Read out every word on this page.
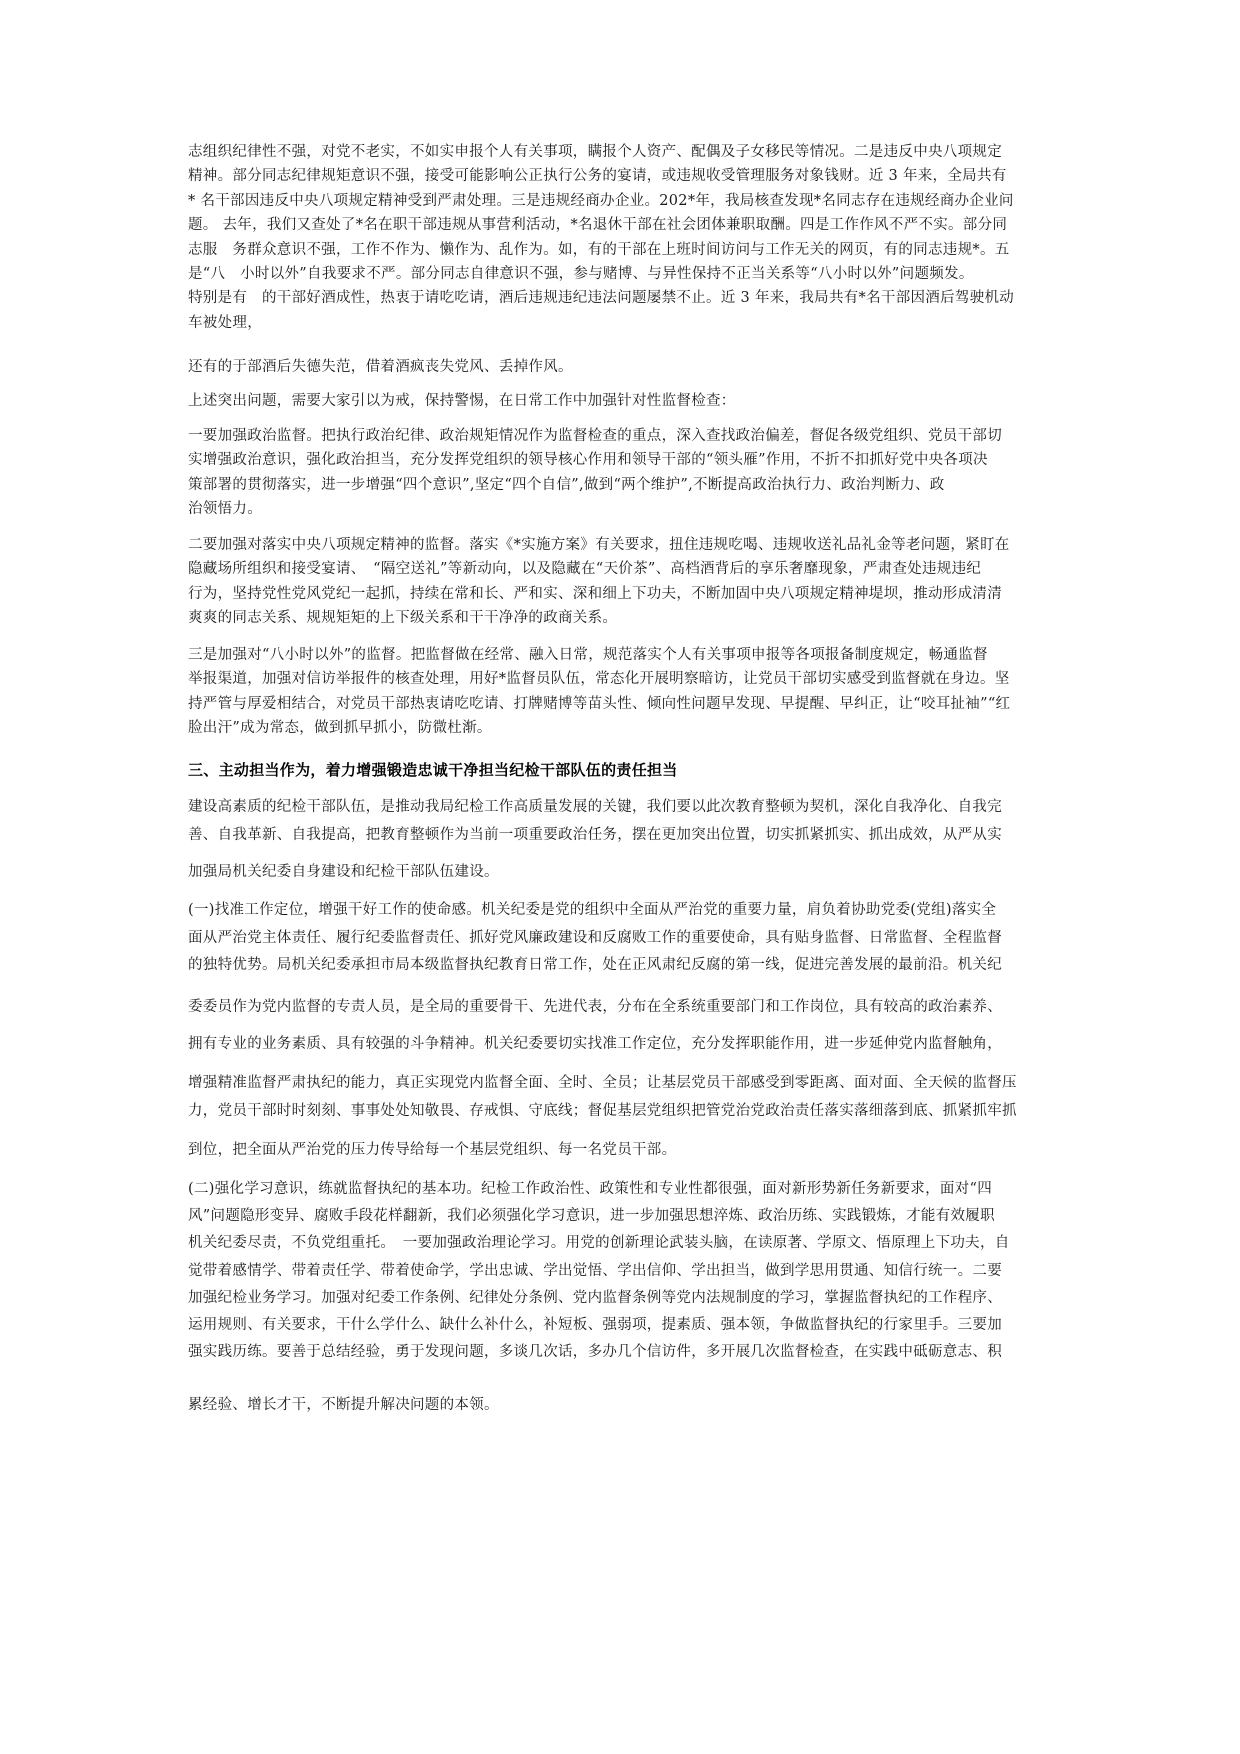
志组织纪律性不强，对党不老实，不如实申报个人有关事项，瞒报个人资产、配偶及子女移民等情况。二是违反中央八项规定

精神。部分同志纪律规矩意识不强，接受可能影响公正执行公务的宴请，或违规收受管理服务对象钱财。近 3 年来，全局共有

* 名干部因违反中央八项规定精神受到严肃处理。三是违规经商办企业。202*年，我局核查发现*名同志存在违规经商办企业问

题。 去年，我们又查处了*名在职干部违规从事营利活动，*名退休干部在社会团体兼职取酬。四是工作作风不严不实。部分同

志服　务群众意识不强，工作不作为、懒作为、乱作为。如，有的干部在上班时间访问与工作无关的网页，有的同志违规*。五

是“八　小时以外”自我要求不严。部分同志自律意识不强，参与赌博、与异性保持不正当关系等“八小时以外”问题频发。

特别是有　的干部好酒成性，热衷于请吃吃请，酒后违规违纪违法问题屡禁不止。近 3 年来，我局共有*名干部因酒后驾驶机动

车被处理，

还有的于部酒后失德失范，借着酒疯丧失党风、丢掉作风。

上述突出问题，需要大家引以为戒，保持警惕，在日常工作中加强针对性监督检查：

一要加强政治监督。把执行政治纪律、政治规矩情况作为监督检查的重点，深入查找政治偏差，督促各级党组织、党员干部切

实增强政治意识，强化政治担当，充分发挥党组织的领导核心作用和领导干部的“领头雁”作用，不折不扣抓好党中央各项决

策部署的贯彻落实，进一步增强“四个意识”,坚定“四个自信”,做到“两个维护”,不断提高政治执行力、政治判断力、政

治领悟力。

二要加强对落实中央八项规定精神的监督。落实《*实施方案》有关要求，扭住违规吃喝、违规收送礼品礼金等老问题，紧盯在

隐藏场所组织和接受宴请、　“隔空送礼”等新动向，以及隐藏在“天价茶”、高档酒背后的享乐奢靡现象，严肃查处违规违纪

行为，坚持党性党风党纪一起抓，持续在常和长、严和实、深和细上下功夫，不断加固中央八项规定精神堤坝，推动形成清清

爽爽的同志关系、规规矩矩的上下级关系和干干净净的政商关系。

三是加强对“八小时以外”的监督。把监督做在经常、融入日常，规范落实个人有关事项申报等各项报备制度规定，畅通监督

举报渠道，加强对信访举报件的核查处理，用好*监督员队伍，常态化开展明察暗访，让党员干部切实感受到监督就在身边。坚

持严管与厚爱相结合，对党员干部热衷请吃吃请、打牌赌博等苗头性、倾向性问题早发现、早提醒、早纠正，让“咬耳扯袖”“红

脸出汗”成为常态，做到抓早抓小，防微杜渐。

三、主动担当作为，着力增强锻造忠诚干净担当纪检干部队伍的责任担当

建设高素质的纪检干部队伍，是推动我局纪检工作高质量发展的关键，我们要以此次教育整顿为契机，深化自我净化、自我完

善、自我革新、自我提高，把教育整顿作为当前一项重要政治任务，摆在更加突出位置，切实抓紧抓实、抓出成效，从严从实

加强局机关纪委自身建设和纪检干部队伍建设。

(一)找准工作定位，增强干好工作的使命感。机关纪委是党的组织中全面从严治党的重要力量，肩负着协助党委(党组)落实全

面从严治党主体责任、履行纪委监督责任、抓好党风廉政建设和反腐败工作的重要使命，具有贴身监督、日常监督、全程监督

的独特优势。局机关纪委承担市局本级监督执纪教育日常工作，处在正风肃纪反腐的第一线，促进完善发展的最前沿。机关纪

委委员作为党内监督的专责人员，是全局的重要骨干、先进代表，分布在全系统重要部门和工作岗位，具有较高的政治素养、

拥有专业的业务素质、具有较强的斗争精神。机关纪委要切实找准工作定位，充分发挥职能作用，进一步延伸党内监督触角，

增强精准监督严肃执纪的能力，真正实现党内监督全面、全时、全员；让基层党员干部感受到零距离、面对面、全天候的监督压

力，党员干部时时刻刻、事事处处知敬畏、存戒惧、守底线；督促基层党组织把管党治党政治责任落实落细落到底、抓紧抓牢抓

到位，把全面从严治党的压力传导给每一个基层党组织、每一名党员干部。

(二)强化学习意识，练就监督执纪的基本功。纪检工作政治性、政策性和专业性都很强，面对新形势新任务新要求，面对“四

风”问题隐形变异、腐败手段花样翻新，我们必须强化学习意识，进一步加强思想淬炼、政治历练、实践锻炼，才能有效履职

机关纪委尽责，不负党组重托。　一要加强政治理论学习。用党的创新理论武装头脑，在读原著、学原文、悟原理上下功夫，自

觉带着感情学、带着责任学、带着使命学，学出忠诚、学出觉悟、学出信仰、学出担当，做到学思用贯通、知信行统一。二要

加强纪检业务学习。加强对纪委工作条例、纪律处分条例、党内监督条例等党内法规制度的学习，掌握监督执纪的工作程序、

运用规则、有关要求，干什么学什么、缺什么补什么，补短板、强弱项，提素质、强本领，争做监督执纪的行家里手。三要加

强实践历练。要善于总结经验，勇于发现问题，多谈几次话，多办几个信访件，多开展几次监督检查，在实践中砥砺意志、积

累经验、增长才干，不断提升解决问题的本领。
